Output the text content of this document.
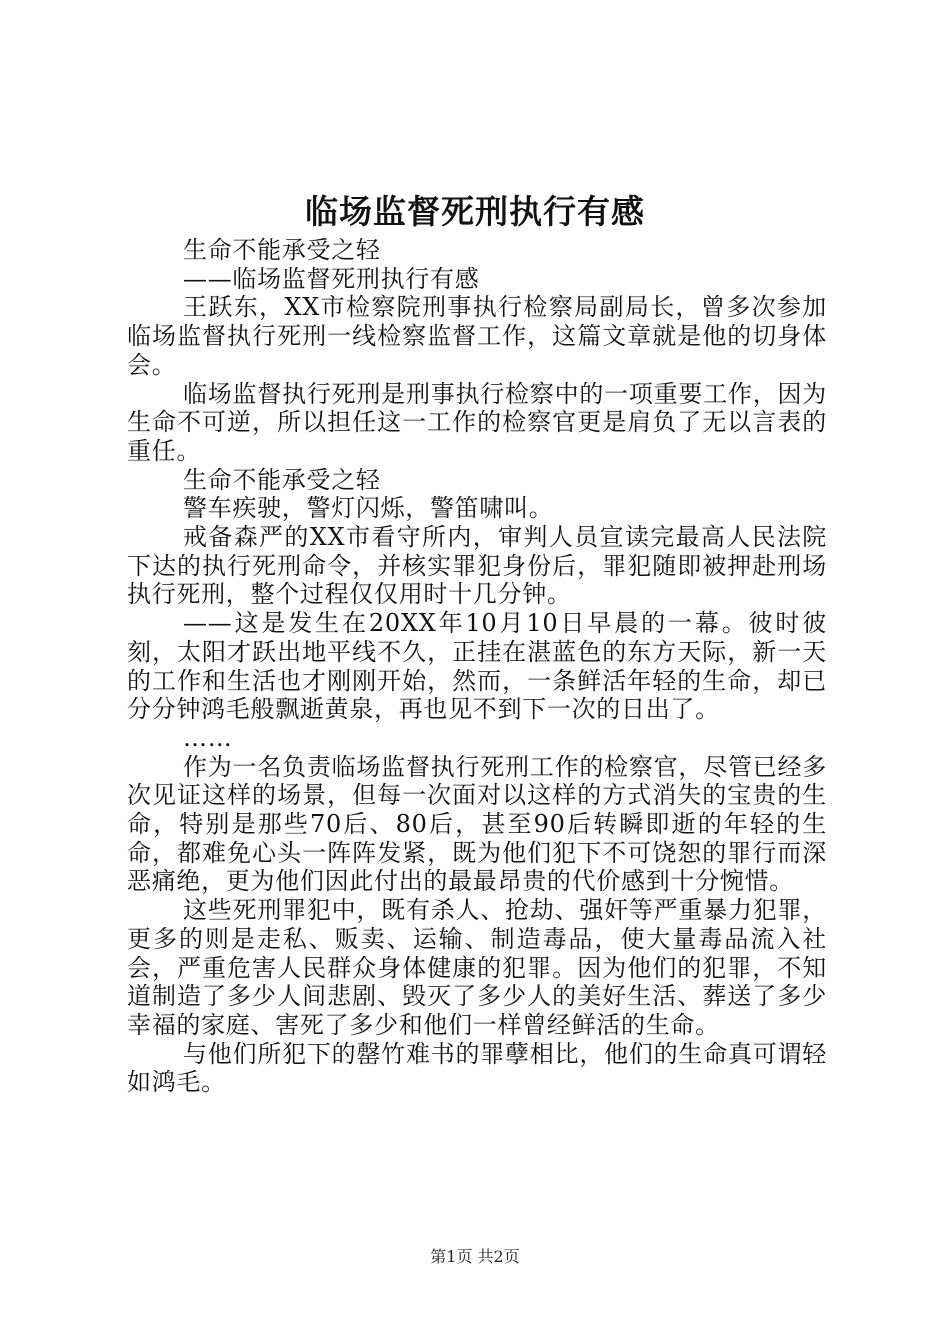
临场监督死刑执行有感

生命不能承受之轻

——临场监督死刑执行有感

王跃东，XX市检察院刑事执行检察局副局长，曾多次参加临场监督执行死刑一线检察监督工作，这篇文章就是他的切身体会。

临场监督执行死刑是刑事执行检察中的一项重要工作，因为生命不可逆，所以担任这一工作的检察官更是肩负了无以言表的重任。

生命不能承受之轻

警车疾驶，警灯闪烁，警笛啸叫。

戒备森严的XX市看守所内，审判人员宣读完最高人民法院下达的执行死刑命令，并核实罪犯身份后，罪犯随即被押赴刑场执行死刑，整个过程仅仅用时十几分钟。

——这是发生在20XX年10月10日早晨的一幕。彼时彼刻，太阳才跃出地平线不久，正挂在湛蓝色的东方天际，新一天的工作和生活也才刚刚开始，然而，一条鲜活年轻的生命，却已分分钟鸿毛般飘逝黄泉，再也见不到下一次的日出了。

……

作为一名负责临场监督执行死刑工作的检察官，尽管已经多次见证这样的场景，但每一次面对以这样的方式消失的宝贵的生命，特别是那些70后、80后，甚至90后转瞬即逝的年轻的生命，都难免心头一阵阵发紧，既为他们犯下不可饶恕的罪行而深恶痛绝，更为他们因此付出的最最昂贵的代价感到十分惋惜。

这些死刑罪犯中，既有杀人、抢劫、强奸等严重暴力犯罪，更多的则是走私、贩卖、运输、制造毒品，使大量毒品流入社会，严重危害人民群众身体健康的犯罪。因为他们的犯罪，不知道制造了多少人间悲剧、毁灭了多少人的美好生活、葬送了多少幸福的家庭、害死了多少和他们一样曾经鲜活的生命。

与他们所犯下的罄竹难书的罪孽相比，他们的生命真可谓轻如鸿毛。

第1页 共2页
